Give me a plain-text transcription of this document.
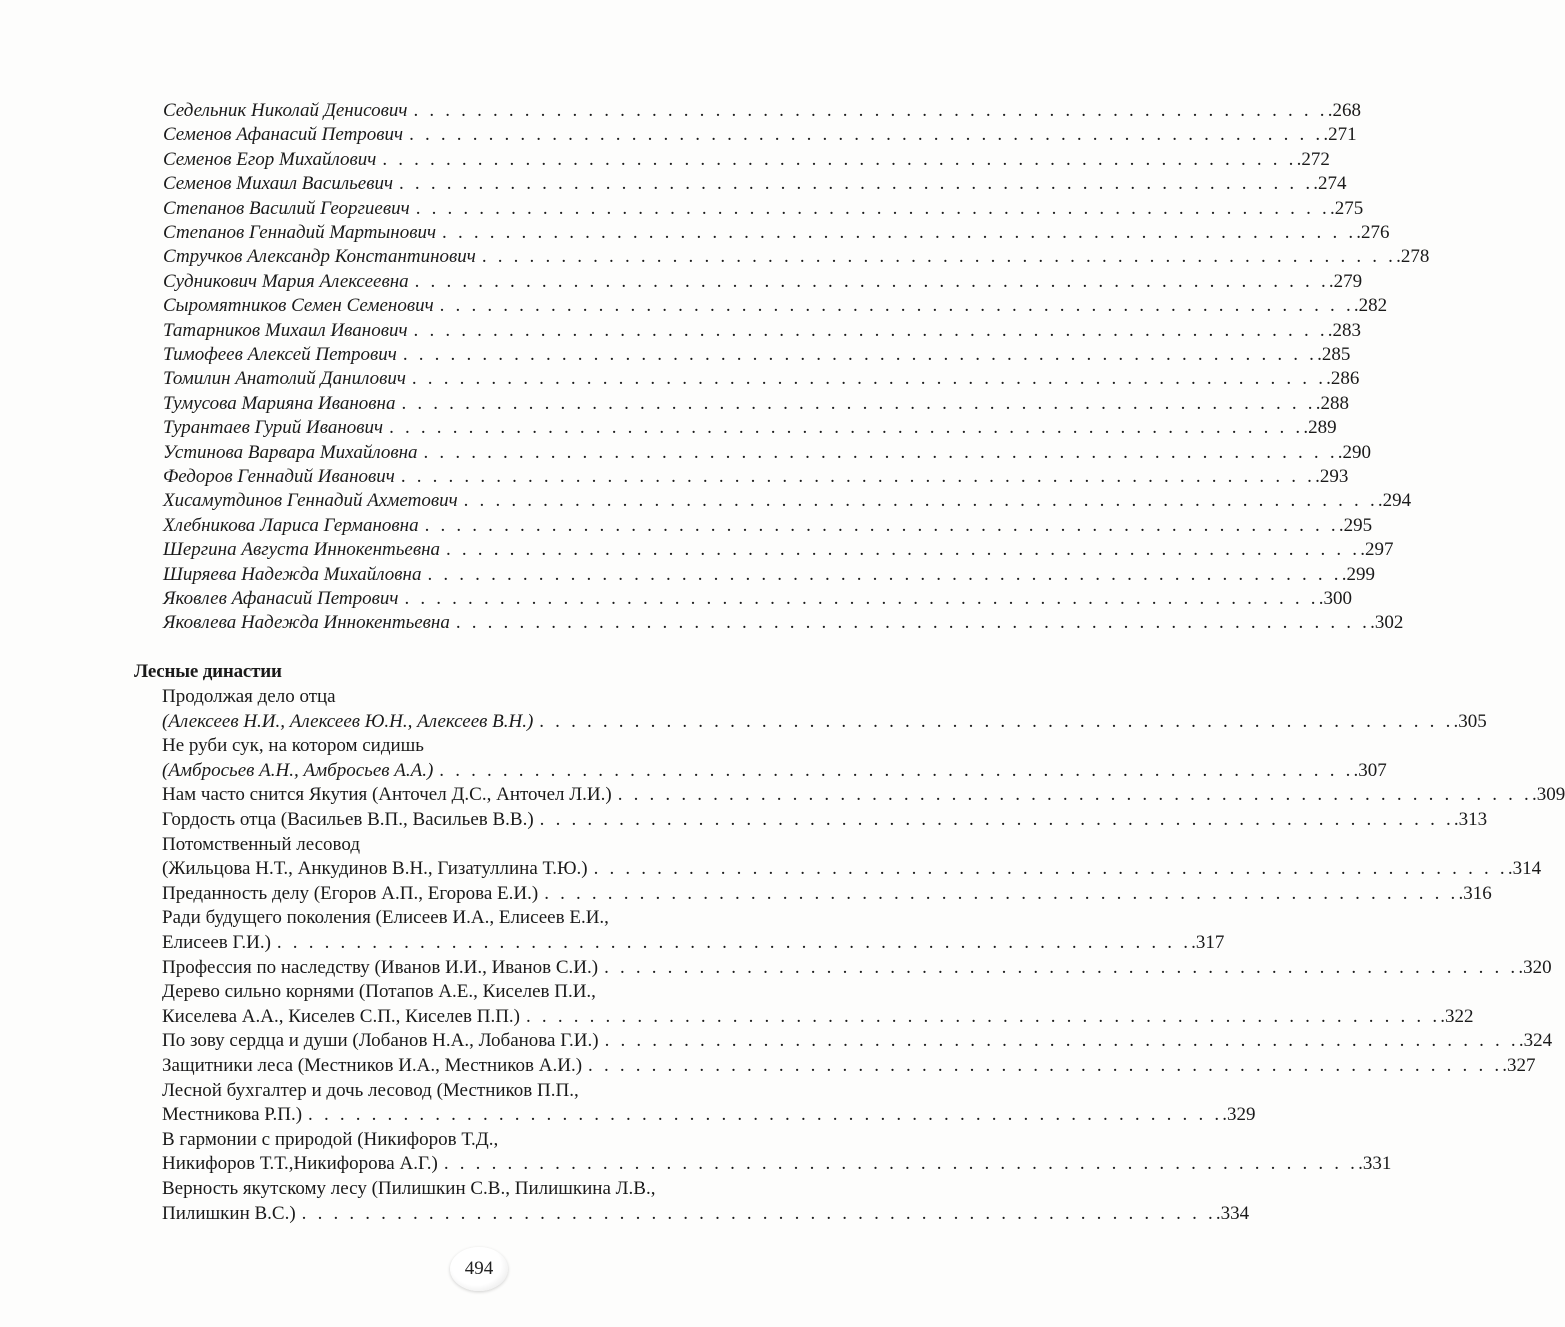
Седельник Николай Денисович . . . . . . . . . . . . . . . . . . . . . . . . . . . . . . . . . . . . . . . . . . . . . . . . . . . . . . . . . . .268
Семенов Афанасий Петрович . . . . . . . . . . . . . . . . . . . . . . . . . . . . . . . . . . . . . . . . . . . . . . . . . . . . . . . . . . .271
Семенов Егор Михайлович . . . . . . . . . . . . . . . . . . . . . . . . . . . . . . . . . . . . . . . . . . . . . . . . . . . . . . . . . . .272
Семенов Михаил Васильевич . . . . . . . . . . . . . . . . . . . . . . . . . . . . . . . . . . . . . . . . . . . . . . . . . . . . . . . . . . .274
Степанов Василий Георгиевич . . . . . . . . . . . . . . . . . . . . . . . . . . . . . . . . . . . . . . . . . . . . . . . . . . . . . . . . . . .275
Степанов Геннадий Мартынович . . . . . . . . . . . . . . . . . . . . . . . . . . . . . . . . . . . . . . . . . . . . . . . . . . . . . . . . . . .276
Стручков Александр Константинович . . . . . . . . . . . . . . . . . . . . . . . . . . . . . . . . . . . . . . . . . . . . . . . . . . . . . . . . . . .278
Судникович Мария Алексеевна . . . . . . . . . . . . . . . . . . . . . . . . . . . . . . . . . . . . . . . . . . . . . . . . . . . . . . . . . . .279
Сыромятников Семен Семенович . . . . . . . . . . . . . . . . . . . . . . . . . . . . . . . . . . . . . . . . . . . . . . . . . . . . . . . . . . .282
Татарников Михаил Иванович . . . . . . . . . . . . . . . . . . . . . . . . . . . . . . . . . . . . . . . . . . . . . . . . . . . . . . . . . . .283
Тимофеев Алексей Петрович . . . . . . . . . . . . . . . . . . . . . . . . . . . . . . . . . . . . . . . . . . . . . . . . . . . . . . . . . . .285
Томилин Анатолий Данилович . . . . . . . . . . . . . . . . . . . . . . . . . . . . . . . . . . . . . . . . . . . . . . . . . . . . . . . . . . .286
Тумусова Марияна Ивановна . . . . . . . . . . . . . . . . . . . . . . . . . . . . . . . . . . . . . . . . . . . . . . . . . . . . . . . . . . .288
Турантаев Гурий Иванович . . . . . . . . . . . . . . . . . . . . . . . . . . . . . . . . . . . . . . . . . . . . . . . . . . . . . . . . . . .289
Устинова Варвара Михайловна . . . . . . . . . . . . . . . . . . . . . . . . . . . . . . . . . . . . . . . . . . . . . . . . . . . . . . . . . . .290
Федоров Геннадий Иванович . . . . . . . . . . . . . . . . . . . . . . . . . . . . . . . . . . . . . . . . . . . . . . . . . . . . . . . . . . .293
Хисамутдинов Геннадий Ахметович . . . . . . . . . . . . . . . . . . . . . . . . . . . . . . . . . . . . . . . . . . . . . . . . . . . . . . . . . . .294
Хлебникова Лариса Германовна . . . . . . . . . . . . . . . . . . . . . . . . . . . . . . . . . . . . . . . . . . . . . . . . . . . . . . . . . . .295
Шергина Августа Иннокентьевна . . . . . . . . . . . . . . . . . . . . . . . . . . . . . . . . . . . . . . . . . . . . . . . . . . . . . . . . . . .297
Ширяева Надежда Михайловна . . . . . . . . . . . . . . . . . . . . . . . . . . . . . . . . . . . . . . . . . . . . . . . . . . . . . . . . . . .299
Яковлев Афанасий Петрович . . . . . . . . . . . . . . . . . . . . . . . . . . . . . . . . . . . . . . . . . . . . . . . . . . . . . . . . . . .300
Яковлева Надежда Иннокентьевна . . . . . . . . . . . . . . . . . . . . . . . . . . . . . . . . . . . . . . . . . . . . . . . . . . . . . . . . . . .302
Лесные династии
Продолжая дело отца
(Алексеев Н.И., Алексеев Ю.Н., Алексеев В.Н.) . . . . . . . . . . . . . . . . . . . . . . . . . . . . . . . . . . . . . . . . . . . . . . . . . . . . . . . . . . .305
Не руби сук, на котором сидишь
(Амбросьев А.Н., Амбросьев А.А.) . . . . . . . . . . . . . . . . . . . . . . . . . . . . . . . . . . . . . . . . . . . . . . . . . . . . . . . . . . .307
Нам часто снится Якутия (Анточел Д.С., Анточел Л.И.) . . . . . . . . . . . . . . . . . . . . . . . . . . . . . . . . . . . . . . . . . . . . . . . . . . . . . . . . . . .309
Гордость отца (Васильев В.П., Васильев В.В.) . . . . . . . . . . . . . . . . . . . . . . . . . . . . . . . . . . . . . . . . . . . . . . . . . . . . . . . . . . .313
Потомственный лесовод
(Жильцова Н.Т., Анкудинов В.Н., Гизатуллина Т.Ю.) . . . . . . . . . . . . . . . . . . . . . . . . . . . . . . . . . . . . . . . . . . . . . . . . . . . . . . . . . . .314
Преданность делу (Егоров А.П., Егорова Е.И.) . . . . . . . . . . . . . . . . . . . . . . . . . . . . . . . . . . . . . . . . . . . . . . . . . . . . . . . . . . .316
Ради будущего поколения (Елисеев И.А., Елисеев Е.И.,
Елисеев Г.И.) . . . . . . . . . . . . . . . . . . . . . . . . . . . . . . . . . . . . . . . . . . . . . . . . . . . . . . . . . . .317
Профессия по наследству (Иванов И.И., Иванов С.И.) . . . . . . . . . . . . . . . . . . . . . . . . . . . . . . . . . . . . . . . . . . . . . . . . . . . . . . . . . . .320
Дерево сильно корнями (Потапов А.Е., Киселев П.И.,
Киселева А.А., Киселев С.П., Киселев П.П.) . . . . . . . . . . . . . . . . . . . . . . . . . . . . . . . . . . . . . . . . . . . . . . . . . . . . . . . . . . .322
По зову сердца и души (Лобанов Н.А., Лобанова Г.И.) . . . . . . . . . . . . . . . . . . . . . . . . . . . . . . . . . . . . . . . . . . . . . . . . . . . . . . . . . . .324
Защитники леса (Местников И.А., Местников А.И.) . . . . . . . . . . . . . . . . . . . . . . . . . . . . . . . . . . . . . . . . . . . . . . . . . . . . . . . . . . .327
Лесной бухгалтер и дочь лесовод (Местников П.П.,
Местникова Р.П.) . . . . . . . . . . . . . . . . . . . . . . . . . . . . . . . . . . . . . . . . . . . . . . . . . . . . . . . . . . .329
В гармонии с природой (Никифоров Т.Д.,
Никифоров Т.Т.,Никифорова А.Г.) . . . . . . . . . . . . . . . . . . . . . . . . . . . . . . . . . . . . . . . . . . . . . . . . . . . . . . . . . . .331
Верность якутскому лесу (Пилишкин С.В., Пилишкина Л.В.,
Пилишкин В.С.) . . . . . . . . . . . . . . . . . . . . . . . . . . . . . . . . . . . . . . . . . . . . . . . . . . . . . . . . . . .334
494
